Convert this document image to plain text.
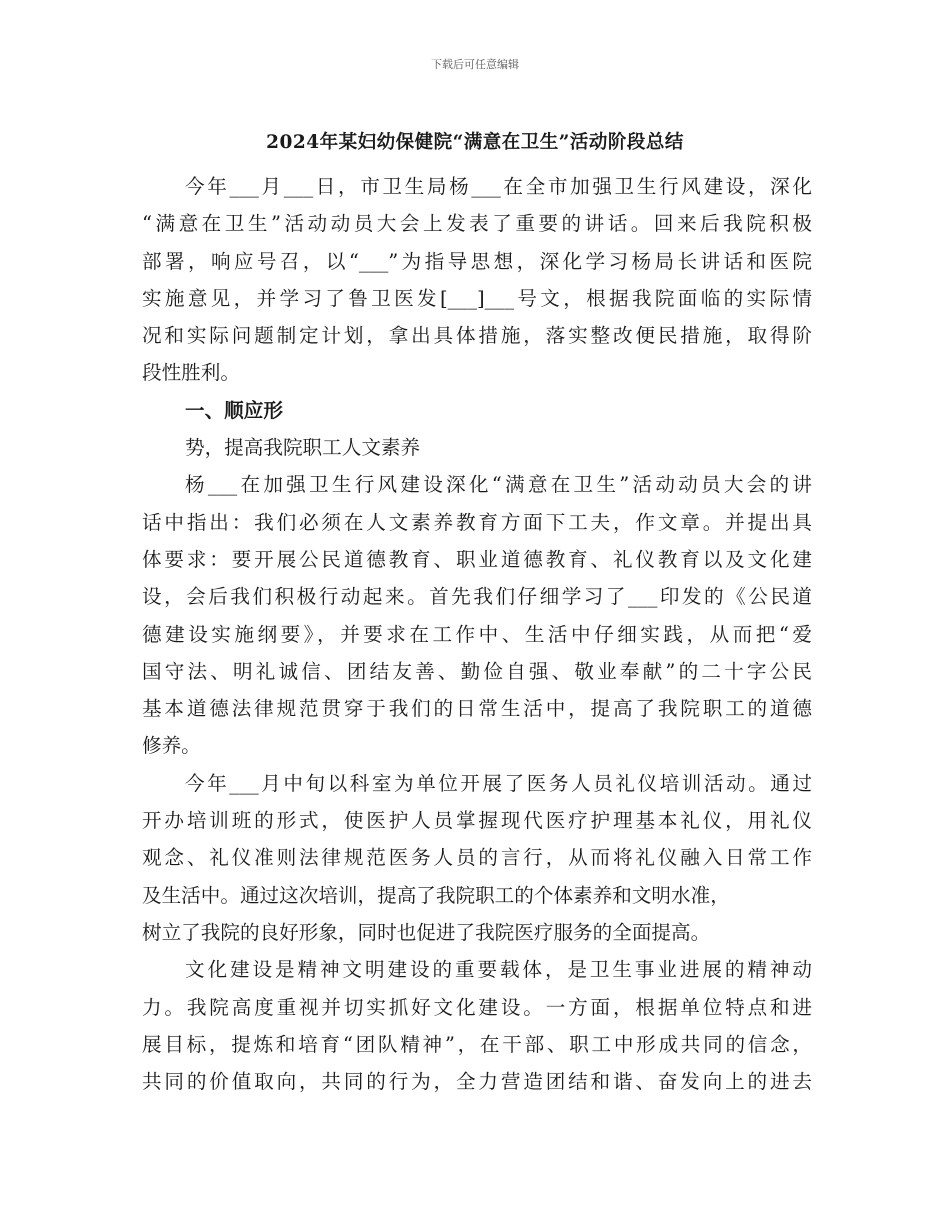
下载后可任意编辑
2024年某妇幼保健院“满意在卫生”活动阶段总结
今年___月___日，市卫生局杨___在全市加强卫生行风建设，深化
“满意在卫生”活动动员大会上发表了重要的讲话。回来后我院积极
部署，响应号召，以“___”为指导思想，深化学习杨局长讲话和医院
实施意见，并学习了鲁卫医发[___]___号文，根据我院面临的实际情
况和实际问题制定计划，拿出具体措施，落实整改便民措施，取得阶
段性胜利。
一、顺应形
势，提高我院职工人文素养
杨___在加强卫生行风建设深化“满意在卫生”活动动员大会的讲
话中指出：我们必须在人文素养教育方面下工夫，作文章。并提出具
体要求：要开展公民道德教育、职业道德教育、礼仪教育以及文化建
设，会后我们积极行动起来。首先我们仔细学习了___印发的《公民道
德建设实施纲要》，并要求在工作中、生活中仔细实践，从而把“爱
国守法、明礼诚信、团结友善、勤俭自强、敬业奉献”的二十字公民
基本道德法律规范贯穿于我们的日常生活中，提高了我院职工的道德
修养。
今年___月中旬以科室为单位开展了医务人员礼仪培训活动。通过
开办培训班的形式，使医护人员掌握现代医疗护理基本礼仪，用礼仪
观念、礼仪准则法律规范医务人员的言行，从而将礼仪融入日常工作
及生活中。通过这次培训，提高了我院职工的个体素养和文明水准，
树立了我院的良好形象，同时也促进了我院医疗服务的全面提高。
文化建设是精神文明建设的重要载体，是卫生事业进展的精神动
力。我院高度重视并切实抓好文化建设。一方面，根据单位特点和进
展目标，提炼和培育“团队精神”，在干部、职工中形成共同的信念，
共同的价值取向，共同的行为，全力营造团结和谐、奋发向上的进去
